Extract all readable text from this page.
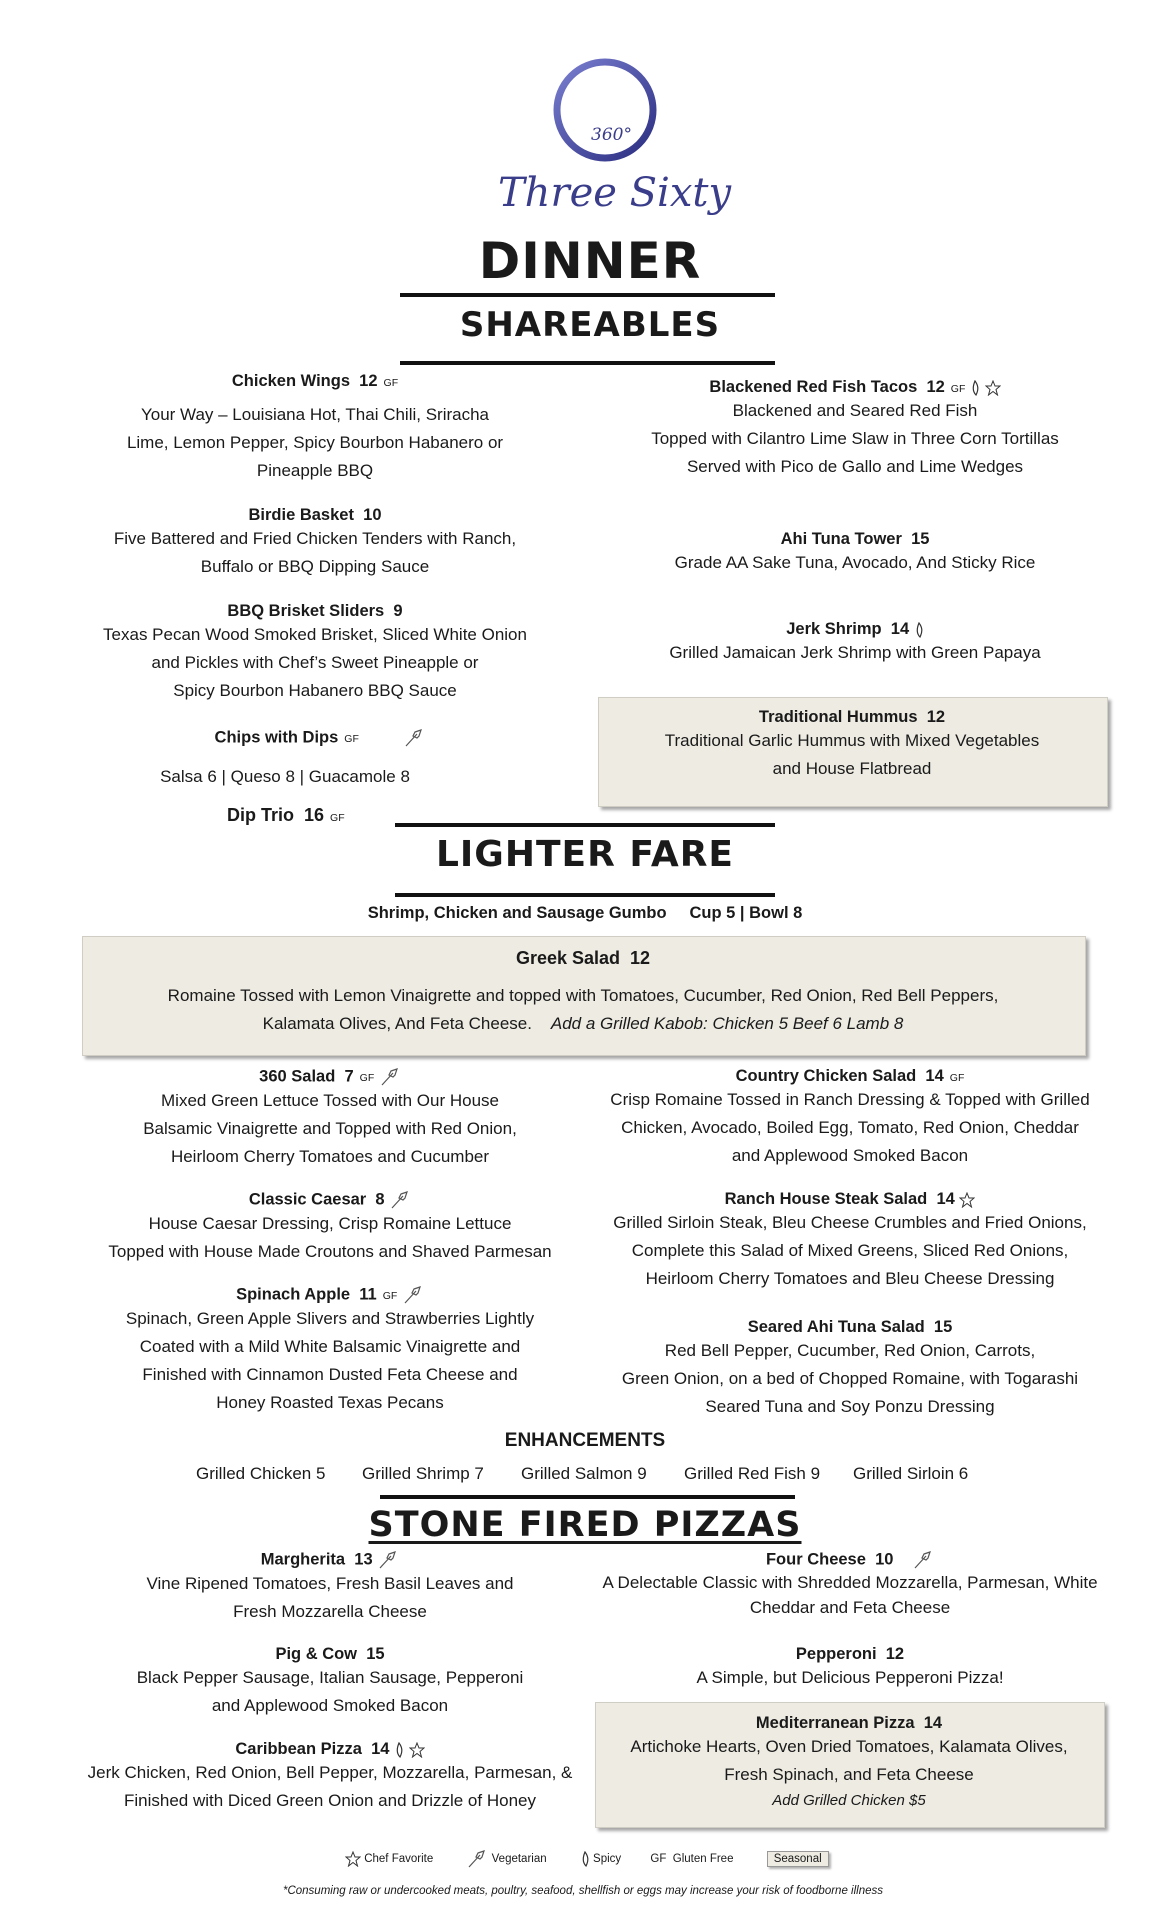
360°
Three Sixty
DINNER
SHAREABLES
Chicken Wings 12 GF
Your Way – Louisiana Hot, Thai Chili, Sriracha
Lime, Lemon Pepper, Spicy Bourbon Habanero or
Pineapple BBQ
Birdie Basket 10
Five Battered and Fried Chicken Tenders with Ranch,
Buffalo or BBQ Dipping Sauce
BBQ Brisket Sliders 9
Texas Pecan Wood Smoked Brisket, Sliced White Onion
and Pickles with Chef’s Sweet Pineapple or
Spicy Bourbon Habanero BBQ Sauce
Chips with Dips GF
Salsa 6 | Queso 8 | Guacamole 8
Dip Trio 16 GF
Blackened Red Fish Tacos 12 GF
Blackened and Seared Red Fish
Topped with Cilantro Lime Slaw in Three Corn Tortillas
Served with Pico de Gallo and Lime Wedges
Ahi Tuna Tower 15
Grade AA Sake Tuna, Avocado, And Sticky Rice
Jerk Shrimp 14
Grilled Jamaican Jerk Shrimp with Green Papaya
Traditional Hummus 12
Traditional Garlic Hummus with Mixed Vegetables
and House Flatbread
LIGHTER FARE
Shrimp, Chicken and Sausage Gumbo Cup 5 | Bowl 8
Greek Salad 12
Romaine Tossed with Lemon Vinaigrette and topped with Tomatoes, Cucumber, Red Onion, Red Bell Peppers,
Kalamata Olives, And Feta Cheese. Add a Grilled Kabob: Chicken 5 Beef 6 Lamb 8
360 Salad 7 GF
Mixed Green Lettuce Tossed with Our House
Balsamic Vinaigrette and Topped with Red Onion,
Heirloom Cherry Tomatoes and Cucumber
Classic Caesar 8
House Caesar Dressing, Crisp Romaine Lettuce
Topped with House Made Croutons and Shaved Parmesan
Spinach Apple 11 GF
Spinach, Green Apple Slivers and Strawberries Lightly
Coated with a Mild White Balsamic Vinaigrette and
Finished with Cinnamon Dusted Feta Cheese and
Honey Roasted Texas Pecans
Country Chicken Salad 14 GF
Crisp Romaine Tossed in Ranch Dressing & Topped with Grilled
Chicken, Avocado, Boiled Egg, Tomato, Red Onion, Cheddar
and Applewood Smoked Bacon
Ranch House Steak Salad 14
Grilled Sirloin Steak, Bleu Cheese Crumbles and Fried Onions,
Complete this Salad of Mixed Greens, Sliced Red Onions,
Heirloom Cherry Tomatoes and Bleu Cheese Dressing
Seared Ahi Tuna Salad 15
Red Bell Pepper, Cucumber, Red Onion, Carrots,
Green Onion, on a bed of Chopped Romaine, with Togarashi
Seared Tuna and Soy Ponzu Dressing
ENHANCEMENTS
Grilled Chicken 5 Grilled Shrimp 7 Grilled Salmon 9 Grilled Red Fish 9 Grilled Sirloin 6
STONE FIRED PIZZAS
Margherita 13
Vine Ripened Tomatoes, Fresh Basil Leaves and
Fresh Mozzarella Cheese
Pig & Cow 15
Black Pepper Sausage, Italian Sausage, Pepperoni
and Applewood Smoked Bacon
Caribbean Pizza 14
Jerk Chicken, Red Onion, Bell Pepper, Mozzarella, Parmesan, &
Finished with Diced Green Onion and Drizzle of Honey
Four Cheese 10
A Delectable Classic with Shredded Mozzarella, Parmesan, White
Cheddar and Feta Cheese
Pepperoni 12
A Simple, but Delicious Pepperoni Pizza!
Mediterranean Pizza 14
Artichoke Hearts, Oven Dried Tomatoes, Kalamata Olives,
Fresh Spinach, and Feta Cheese
Add Grilled Chicken $5
Chef Favorite	Vegetarian	Spicy	GF Gluten Free	Seasonal
*Consuming raw or undercooked meats, poultry, seafood, shellfish or eggs may increase your risk of foodborne illness
